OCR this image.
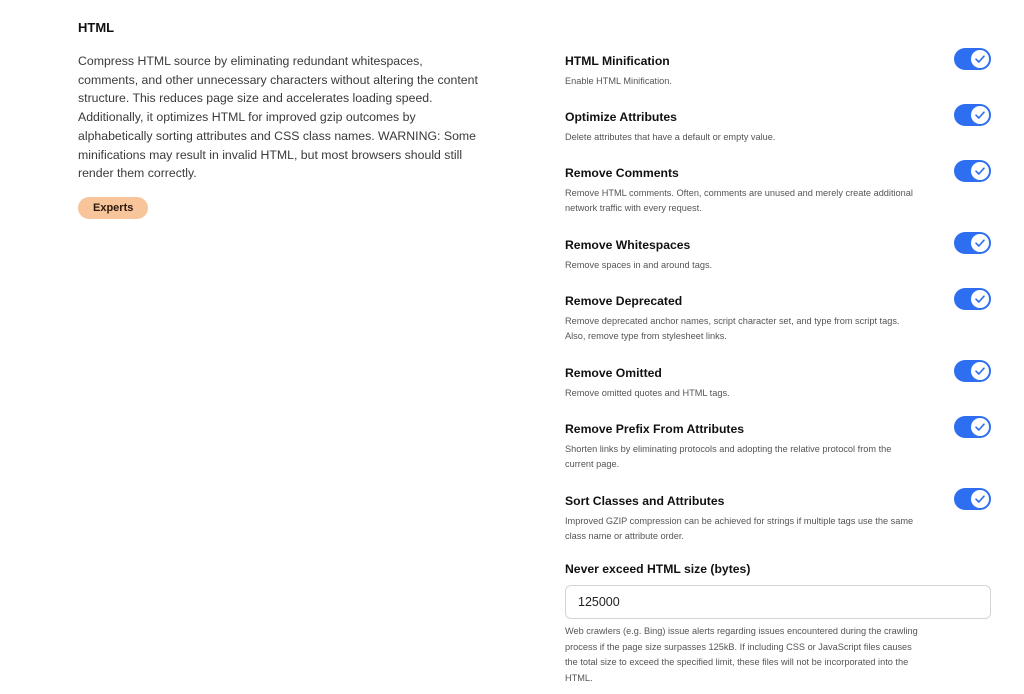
HTML

Compress HTML source by eliminating redundant whitespaces, comments, and other unnecessary characters without altering the content structure. This reduces page size and accelerates loading speed. Additionally, it optimizes HTML for improved gzip outcomes by alphabetically sorting attributes and CSS class names. WARNING: Some minifications may result in invalid HTML, but most browsers should still render them correctly.

Experts

HTML Minification

Enable HTML Minification.

Optimize Attributes

Delete attributes that have a default or empty value.

Remove Comments

Remove HTML comments. Often, comments are unused and merely create additional network traffic with every request.

Remove Whitespaces

Remove spaces in and around tags.

Remove Deprecated

Remove deprecated anchor names, script character set, and type from script tags. Also, remove type from stylesheet links.

Remove Omitted

Remove omitted quotes and HTML tags.

Remove Prefix From Attributes

Shorten links by eliminating protocols and adopting the relative protocol from the current page.

Sort Classes and Attributes

Improved GZIP compression can be achieved for strings if multiple tags use the same class name or attribute order.

Never exceed HTML size (bytes)

125000

Web crawlers (e.g. Bing) issue alerts regarding issues encountered during the crawling process if the page size surpasses 125kB. If including CSS or JavaScript files causes the total size to exceed the specified limit, these files will not be incorporated into the HTML.
